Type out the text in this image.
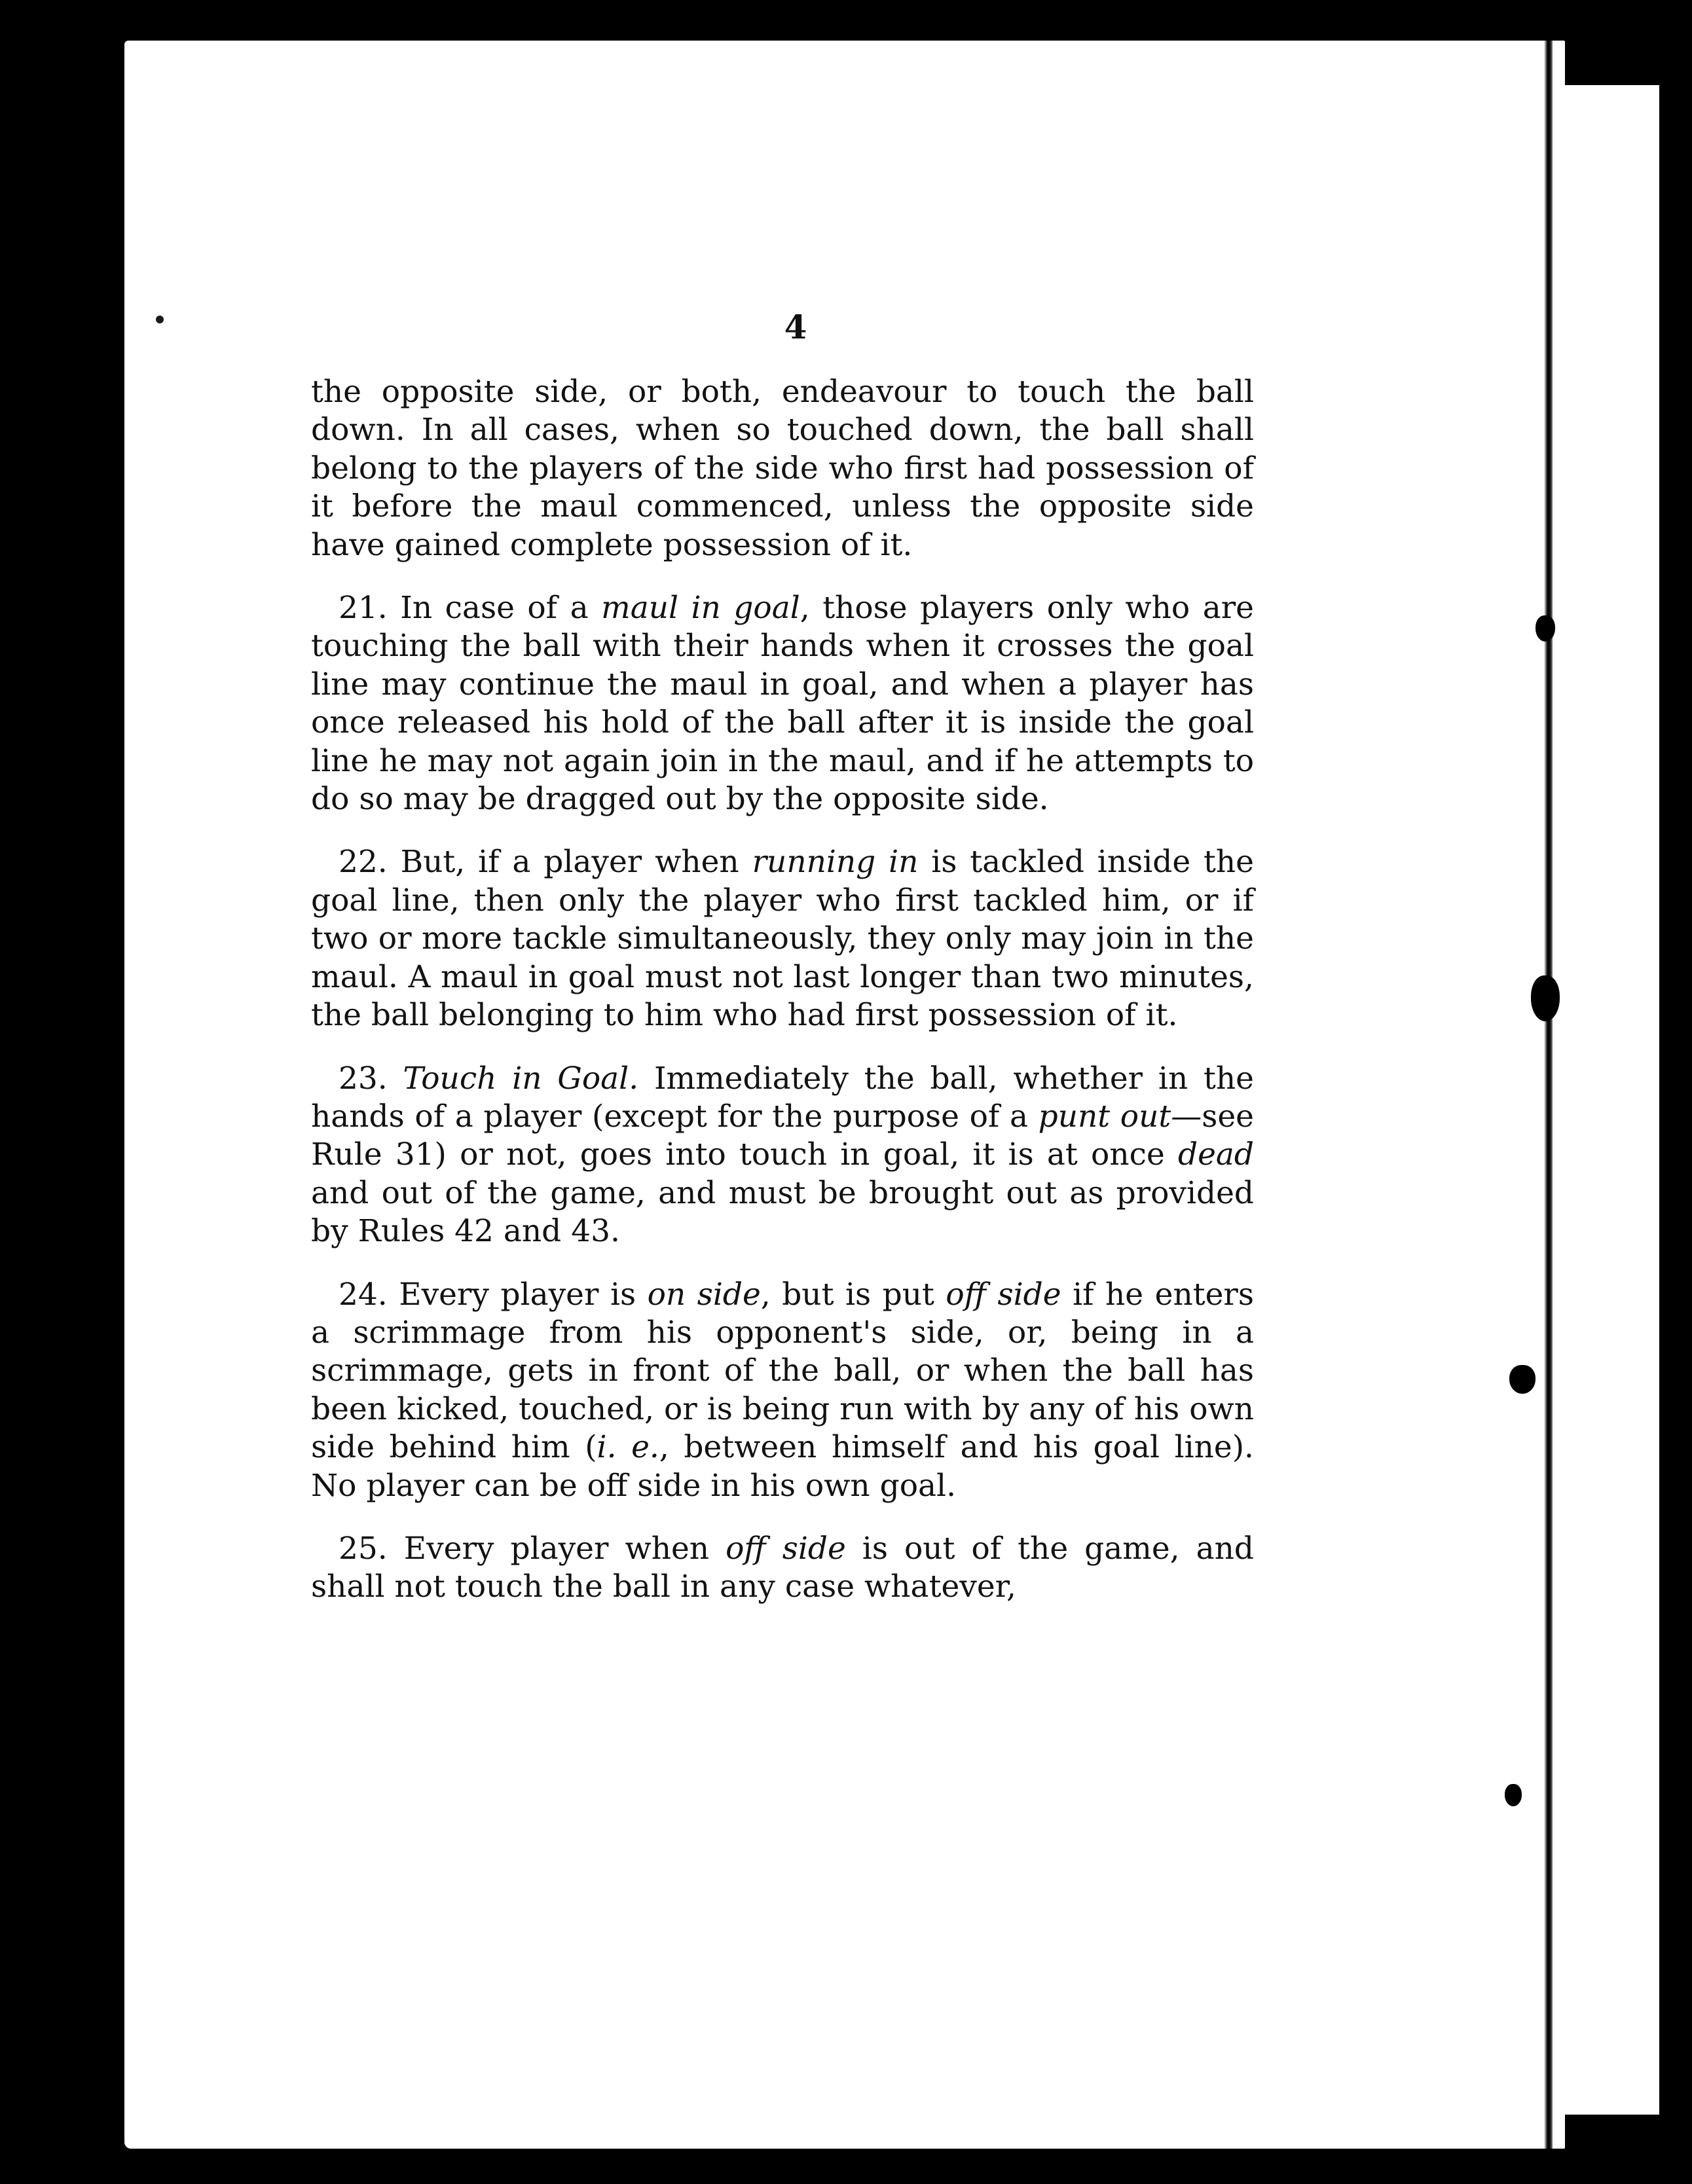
4

the opposite side, or both, endeavour to touch the ball down. In all cases, when so touched down, the ball shall belong to the players of the side who first had possession of it before the maul commenced, unless the opposite side have gained complete possession of it.

21. In case of a maul in goal, those players only who are touching the ball with their hands when it crosses the goal line may continue the maul in goal, and when a player has once released his hold of the ball after it is inside the goal line he may not again join in the maul, and if he attempts to do so may be dragged out by the opposite side.

22. But, if a player when running in is tackled inside the goal line, then only the player who first tackled him, or if two or more tackle simultaneously, they only may join in the maul. A maul in goal must not last longer than two minutes, the ball belonging to him who had first possession of it.

23. Touch in Goal. Immediately the ball, whether in the hands of a player (except for the purpose of a punt out—see Rule 31) or not, goes into touch in goal, it is at once dead and out of the game, and must be brought out as provided by Rules 42 and 43.

24. Every player is on side, but is put off side if he enters a scrimmage from his opponent's side, or, being in a scrimmage, gets in front of the ball, or when the ball has been kicked, touched, or is being run with by any of his own side behind him (i. e., between himself and his goal line). No player can be off side in his own goal.

25. Every player when off side is out of the game, and shall not touch the ball in any case whatever,
